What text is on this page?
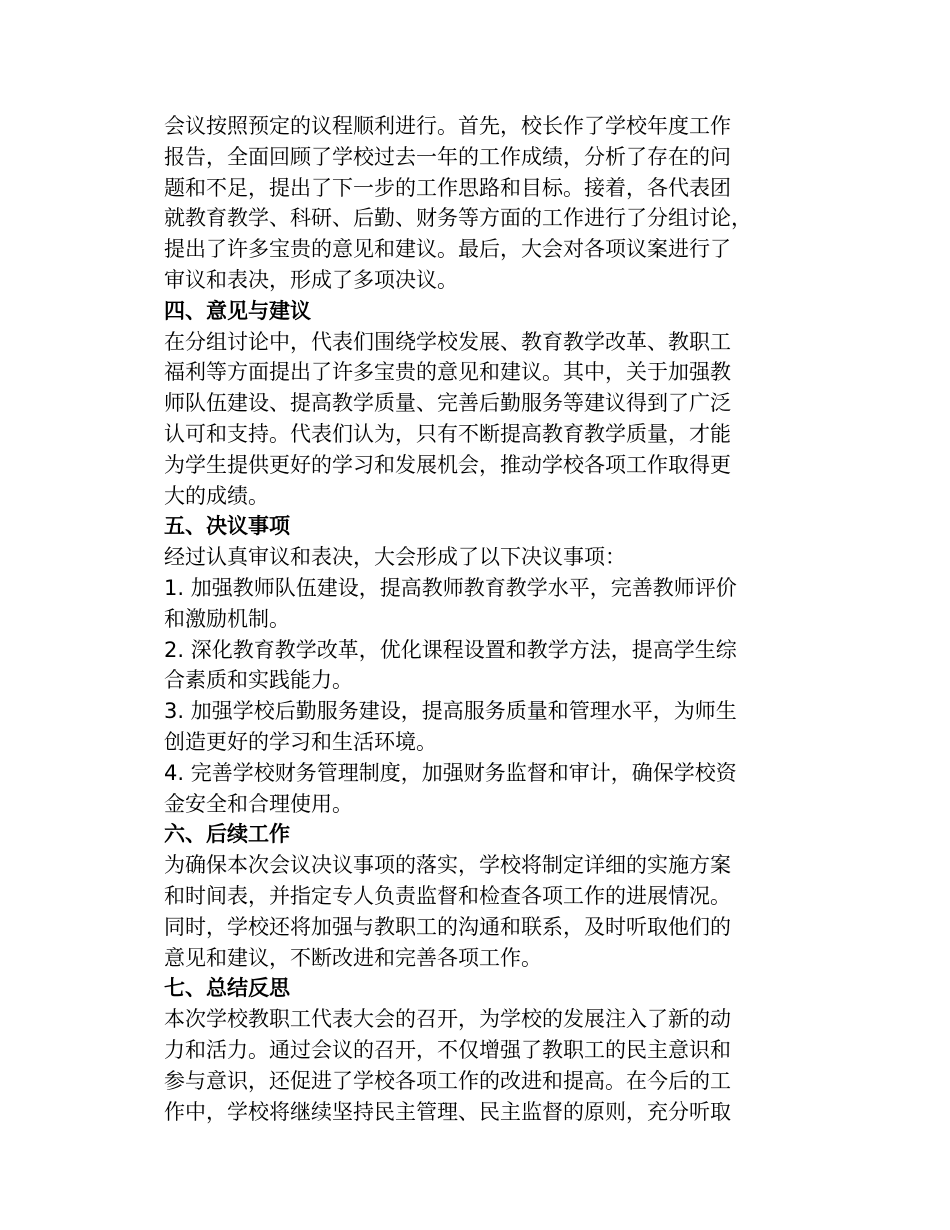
会议按照预定的议程顺利进行。首先，校长作了学校年度工作
报告，全面回顾了学校过去一年的工作成绩，分析了存在的问
题和不足，提出了下一步的工作思路和目标。接着，各代表团
就教育教学、科研、后勤、财务等方面的工作进行了分组讨论，
提出了许多宝贵的意见和建议。最后，大会对各项议案进行了
审议和表决，形成了多项决议。
四、意见与建议
在分组讨论中，代表们围绕学校发展、教育教学改革、教职工
福利等方面提出了许多宝贵的意见和建议。其中，关于加强教
师队伍建设、提高教学质量、完善后勤服务等建议得到了广泛
认可和支持。代表们认为，只有不断提高教育教学质量，才能
为学生提供更好的学习和发展机会，推动学校各项工作取得更
大的成绩。
五、决议事项
经过认真审议和表决，大会形成了以下决议事项：
1. 加强教师队伍建设，提高教师教育教学水平，完善教师评价
和激励机制。
2. 深化教育教学改革，优化课程设置和教学方法，提高学生综
合素质和实践能力。
3. 加强学校后勤服务建设，提高服务质量和管理水平，为师生
创造更好的学习和生活环境。
4. 完善学校财务管理制度，加强财务监督和审计，确保学校资
金安全和合理使用。
六、后续工作
为确保本次会议决议事项的落实，学校将制定详细的实施方案
和时间表，并指定专人负责监督和检查各项工作的进展情况。
同时，学校还将加强与教职工的沟通和联系，及时听取他们的
意见和建议，不断改进和完善各项工作。
七、总结反思
本次学校教职工代表大会的召开，为学校的发展注入了新的动
力和活力。通过会议的召开，不仅增强了教职工的民主意识和
参与意识，还促进了学校各项工作的改进和提高。在今后的工
作中，学校将继续坚持民主管理、民主监督的原则，充分听取
